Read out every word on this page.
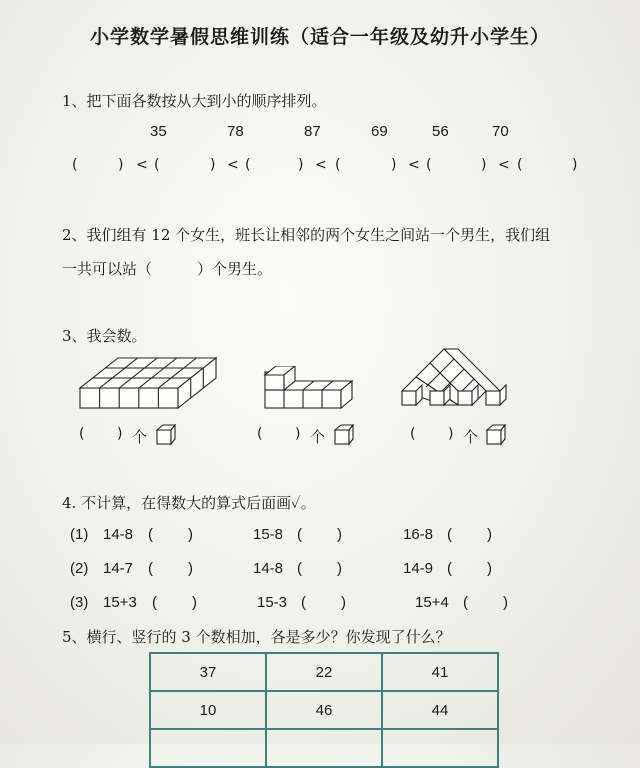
小学数学暑假思维训练（适合一年级及幼升小学生）
1、把下面各数按从大到小的顺序排列。
35	78	87	69	56	70
(	) < (	) < (	) < (	) < (	) < (	)
2、我们组有 12 个女生，班长让相邻的两个女生之间站一个男生，我们组
一共可以站（　　　）个男生。
3、我会数。
( ) 个	( ) 个	( ) 个
4. 不计算，在得数大的算式后面画✓。
(1) 14-8 ( )	15-8 ( )	16-8 ( )
(2) 14-7 ( )	14-8 ( )	14-9 ( )
(3) 15+3 ( )	15-3 ( )	15+4 ( )
5、横行、竖行的 3 个数相加，各是多少？你发现了什么？
37	22	41
10	46	44
